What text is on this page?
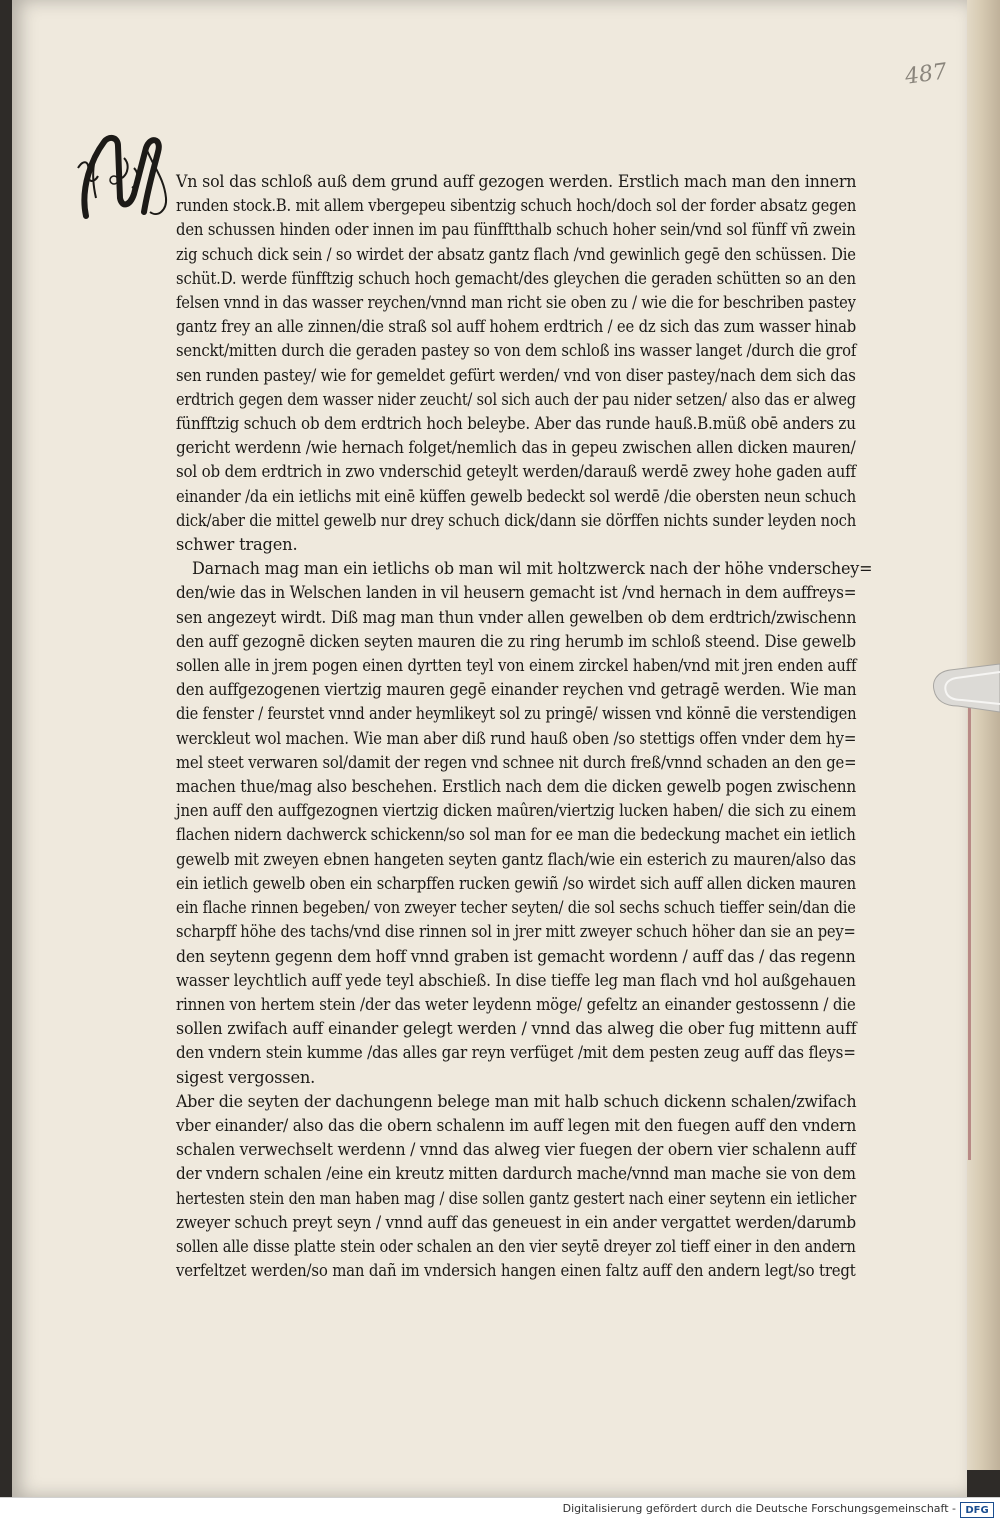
487
Vn sol das schloß auß dem grund auff gezogen werden. Erstlich mach man den innern
runden stock.B. mit allem vbergepeu sibentzig schuch hoch/doch sol der forder absatz gegen
den schussen hinden oder innen im pau fünfftthalb schuch hoher sein/vnd sol fünff vñ zwein
zig schuch dick sein / so wirdet der absatz gantz flach /vnd gewinlich gegē den schüssen. Die
schüt.D. werde fünfftzig schuch hoch gemacht/des gleychen die geraden schütten so an den
felsen vnnd in das wasser reychen/vnnd man richt sie oben zu / wie die for beschriben pastey
gantz frey an alle zinnen/die straß sol auff hohem erdtrich / ee dz sich das zum wasser hinab
senckt/mitten durch die geraden pastey so von dem schloß ins wasser langet /durch die grof
sen runden pastey/ wie for gemeldet gefürt werden/ vnd von diser pastey/nach dem sich das
erdtrich gegen dem wasser nider zeucht/ sol sich auch der pau nider setzen/ also das er alweg
fünfftzig schuch ob dem erdtrich hoch beleybe. Aber das runde hauß.B.müß obē anders zu
gericht werdenn /wie hernach folget/nemlich das in gepeu zwischen allen dicken mauren/
sol ob dem erdtrich in zwo vnderschid geteylt werden/darauß werdē zwey hohe gaden auff
einander /da ein ietlichs mit einē küffen gewelb bedeckt sol werdē /die obersten neun schuch
dick/aber die mittel gewelb nur drey schuch dick/dann sie dörffen nichts sunder leyden noch
schwer tragen.
Darnach mag man ein ietlichs ob man wil mit holtzwerck nach der höhe vnderschey=
den/wie das in Welschen landen in vil heusern gemacht ist /vnd hernach in dem auffreys=
sen angezeyt wirdt. Diß mag man thun vnder allen gewelben ob dem erdtrich/zwischenn
den auff gezognē dicken seyten mauren die zu ring herumb im schloß steend. Dise gewelb
sollen alle in jrem pogen einen dyrtten teyl von einem zirckel haben/vnd mit jren enden auff
den auffgezogenen viertzig mauren gegē einander reychen vnd getragē werden. Wie man
die fenster / feurstet vnnd ander heymlikeyt sol zu pringē/ wissen vnd könnē die verstendigen
werckleut wol machen. Wie man aber diß rund hauß oben /so stettigs offen vnder dem hy=
mel steet verwaren sol/damit der regen vnd schnee nit durch freß/vnnd schaden an den ge=
machen thue/mag also beschehen. Erstlich nach dem die dicken gewelb pogen zwischenn
jnen auff den auffgezognen viertzig dicken maûren/viertzig lucken haben/ die sich zu einem
flachen nidern dachwerck schickenn/so sol man for ee man die bedeckung machet ein ietlich
gewelb mit zweyen ebnen hangeten seyten gantz flach/wie ein esterich zu mauren/also das
ein ietlich gewelb oben ein scharpffen rucken gewiñ /so wirdet sich auff allen dicken mauren
ein flache rinnen begeben/ von zweyer techer seyten/ die sol sechs schuch tieffer sein/dan die
scharpff höhe des tachs/vnd dise rinnen sol in jrer mitt zweyer schuch höher dan sie an pey=
den seytenn gegenn dem hoff vnnd graben ist gemacht wordenn / auff das / das regenn
wasser leychtlich auff yede teyl abschieß. In dise tieffe leg man flach vnd hol außgehauen
rinnen von hertem stein /der das weter leydenn möge/ gefeltz an einander gestossenn / die
sollen zwifach auff einander gelegt werden / vnnd das alweg die ober fug mittenn auff
den vndern stein kumme /das alles gar reyn verfüget /mit dem pesten zeug auff das fleys=
sigest vergossen.
Aber die seyten der dachungenn belege man mit halb schuch dickenn schalen/zwifach
vber einander/ also das die obern schalenn im auff legen mit den fuegen auff den vndern
schalen verwechselt werdenn / vnnd das alweg vier fuegen der obern vier schalenn auff
der vndern schalen /eine ein kreutz mitten dardurch mache/vnnd man mache sie von dem
hertesten stein den man haben mag / dise sollen gantz gestert nach einer seytenn ein ietlicher
zweyer schuch preyt seyn / vnnd auff das geneuest in ein ander vergattet werden/darumb
sollen alle disse platte stein oder schalen an den vier seytē dreyer zol tieff einer in den andern
verfeltzet werden/so man dañ im vndersich hangen einen faltz auff den andern legt/so tregt
Digitalisierung gefördert durch die Deutsche Forschungsgemeinschaft - DFG
